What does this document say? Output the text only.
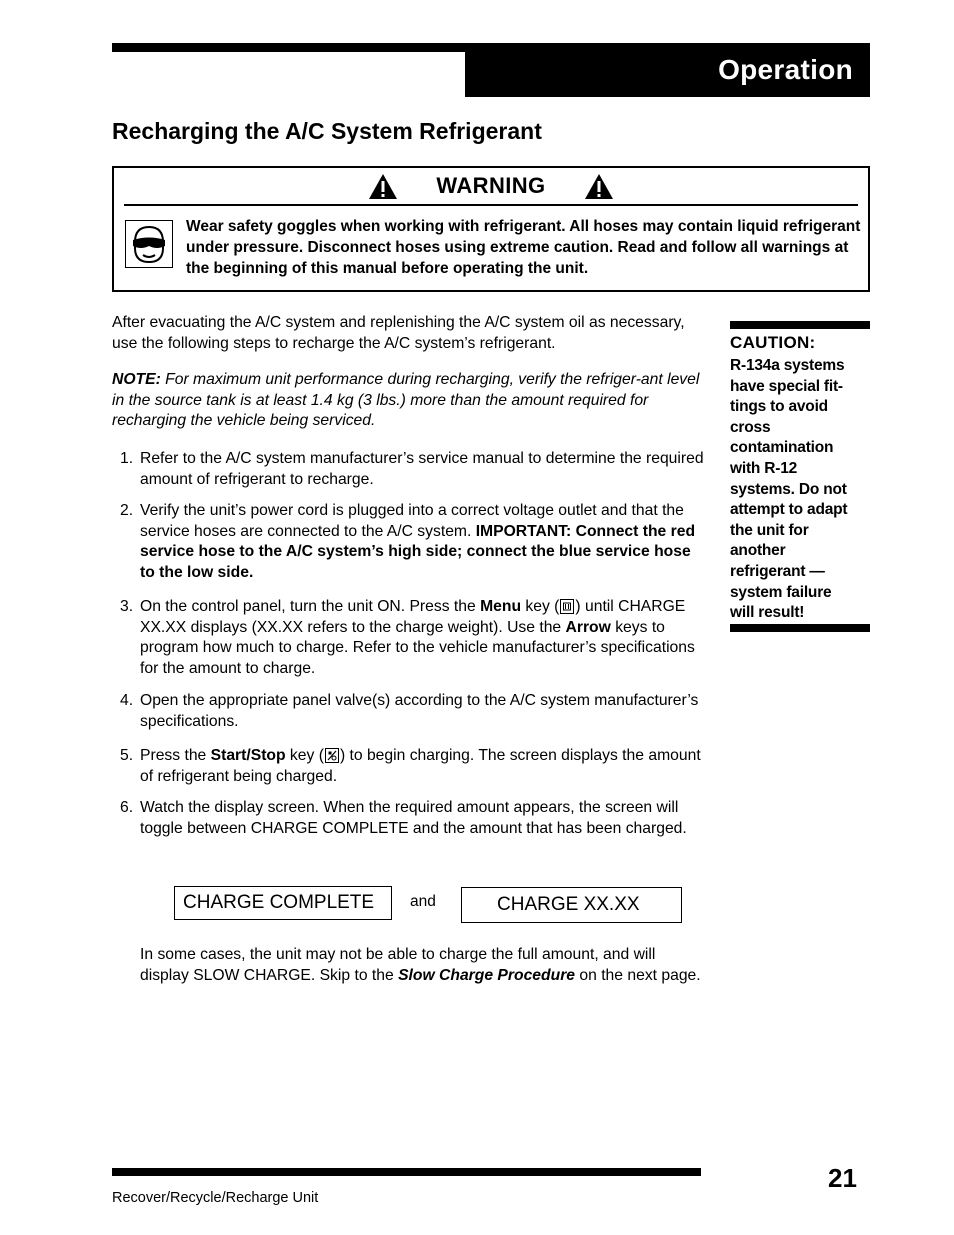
Operation
Recharging the A/C System Refrigerant
WARNING
Wear safety goggles when working with refrigerant. All hoses may contain liquid refrigerant under pressure. Disconnect hoses using extreme caution. Read and follow all warnings at the beginning of this manual before operating the unit.
CAUTION:
R-134a systems
have special fit-
tings to avoid
cross
contamination
with R-12
systems. Do not
attempt to adapt
the unit for
another
refrigerant —
system failure
will result!
After evacuating the A/C system and replenishing the A/C system oil as necessary, use the following steps to recharge the A/C system’s refrigerant.
NOTE: For maximum unit performance during recharging, verify the refriger-ant level in the source tank is at least 1.4 kg (3 lbs.) more than the amount required for recharging the vehicle being serviced.
1. Refer to the A/C system manufacturer’s service manual to determine the required amount of refrigerant to recharge.
2. Verify the unit’s power cord is plugged into a correct voltage outlet and that the service hoses are connected to the A/C system. IMPORTANT: Connect the red service hose to the A/C system’s high side; connect the blue service hose to the low side.
3. On the control panel, turn the unit ON. Press the Menu key ( ) until CHARGE XX.XX displays (XX.XX refers to the charge weight). Use the Arrow keys to program how much to charge. Refer to the vehicle manufacturer’s specifications for the amount to charge.
4. Open the appropriate panel valve(s) according to the A/C system manufacturer’s specifications.
5. Press the Start/Stop key ( ) to begin charging. The screen displays the amount of refrigerant being charged.
6. Watch the display screen. When the required amount appears, the screen will toggle between CHARGE COMPLETE and the amount that has been charged.
CHARGE COMPLETE	and	CHARGE XX.XX
In some cases, the unit may not be able to charge the full amount, and will display SLOW CHARGE. Skip to the Slow Charge Procedure on the next page.
21
Recover/Recycle/Recharge Unit
